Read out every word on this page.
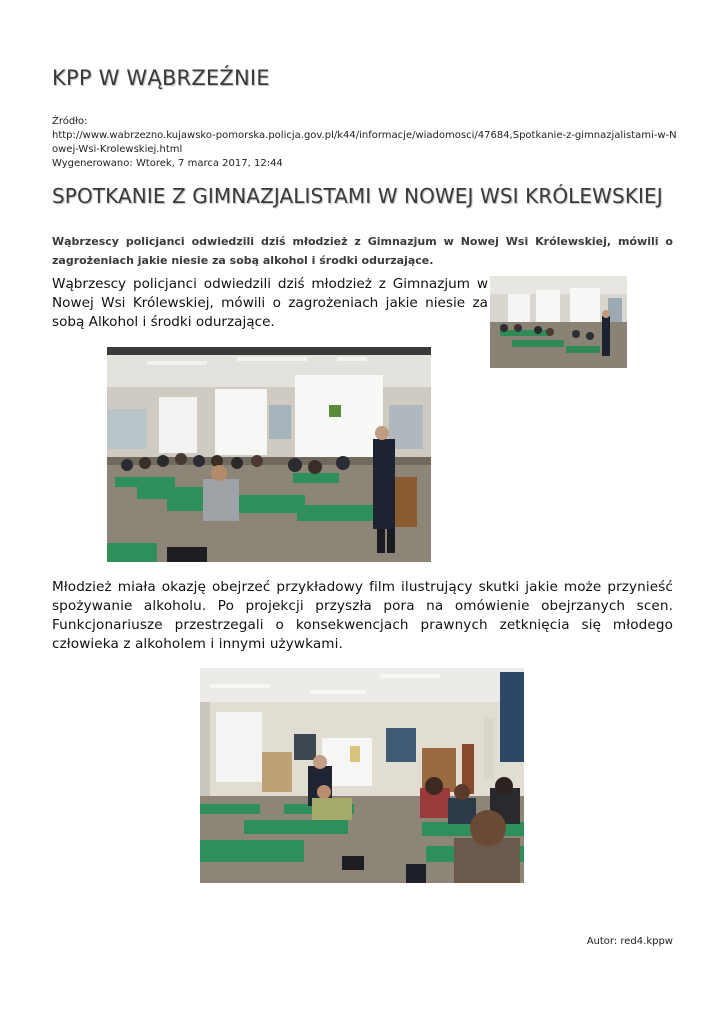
KPP W WĄBRZEŹNIE
Źródło:
http://www.wabrzezno.kujawsko-pomorska.policja.gov.pl/k44/informacje/wiadomosci/47684,Spotkanie-z-gimnazjalistami-w-Nowej-Wsi-Krolewskiej.html
Wygenerowano: Wtorek, 7 marca 2017, 12:44
SPOTKANIE Z GIMNAZJALISTAMI W NOWEJ WSI KRÓLEWSKIEJ
Wąbrzescy policjanci odwiedzili dziś młodzież z Gimnazjum w Nowej Wsi Królewskiej, mówili o zagrożeniach jakie niesie za sobą alkohol i środki odurzające.
Wąbrzescy policjanci odwiedzili dziś młodzież z Gimnazjum w Nowej Wsi Królewskiej, mówili o zagrożeniach jakie niesie za sobą Alkohol i środki odurzające.
Młodzież miała okazję obejrzeć przykładowy film ilustrujący skutki jakie może przynieść spożywanie alkoholu. Po projekcji przyszła pora na omówienie obejrzanych scen. Funkcjonariusze przestrzegali o konsekwencjach prawnych zetknięcia się młodego człowieka z alkoholem i innymi używkami.
Autor: red4.kppw
